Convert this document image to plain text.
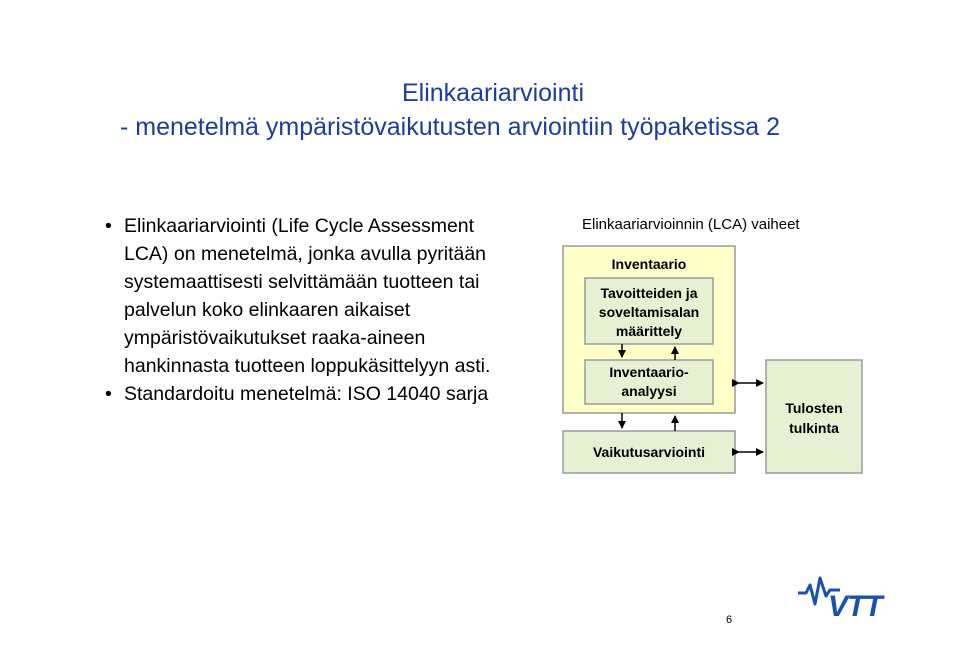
Elinkaariarviointi
- menetelmä ympäristövaikutusten arviointiin työpaketissa 2
• Elinkaariarviointi (Life Cycle Assessment
LCA) on menetelmä, jonka avulla pyritään
systemaattisesti selvittämään tuotteen tai
palvelun koko elinkaaren aikaiset
ympäristövaikutukset raaka-aineen
hankinnasta tuotteen loppukäsittelyyn asti.
• Standardoitu menetelmä: ISO 14040 sarja
Elinkaariarvioinnin (LCA) vaiheet
Inventaario
Tavoitteiden ja
soveltamisalan
määrittely
Inventaario-
analyysi
Vaikutusarviointi
Tulosten
tulkinta
VTT
6
